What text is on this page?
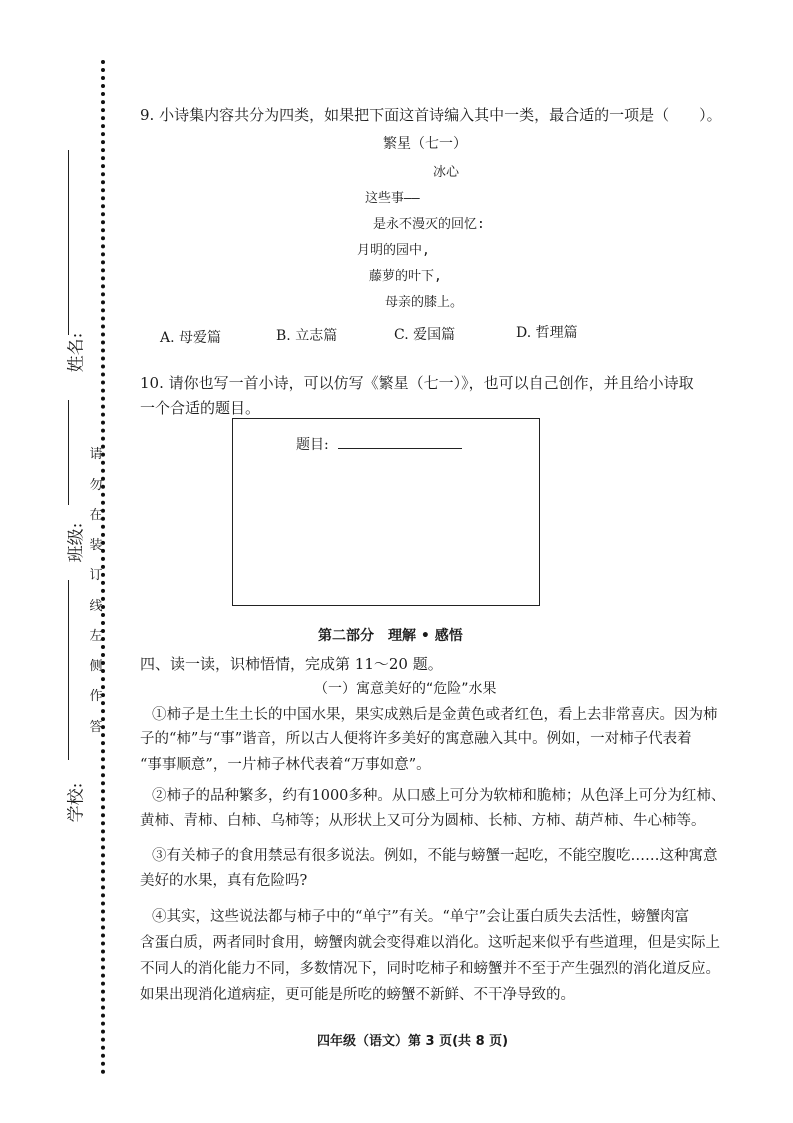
姓名:
班级:
学校:
请
勿
在
装
订
线
左
侧
作
答
9. 小诗集内容共分为四类，如果把下面这首诗编入其中一类，最合适的一项是（　　）。
繁星（七一）
冰心
这些事——
是永不漫灭的回忆:
月明的园中,
藤萝的叶下,
母亲的膝上。
A. 母爱篇	B. 立志篇	C. 爱国篇	D. 哲理篇
10. 请你也写一首小诗，可以仿写《繁星（七一）》，也可以自己创作，并且给小诗取
一个合适的题目。
题目:
第二部分　理解 • 感悟
四、读一读，识柿悟情，完成第 11～20 题。
（一）寓意美好的“危险”水果
①柿子是土生土长的中国水果，果实成熟后是金黄色或者红色，看上去非常喜庆。因为柿
子的“柿”与“事”谐音，所以古人便将许多美好的寓意融入其中。例如，一对柿子代表着
“事事顺意”，一片柿子林代表着“万事如意”。
②柿子的品种繁多，约有1000多种。从口感上可分为软柿和脆柿；从色泽上可分为红柿、
黄柿、青柿、白柿、乌柿等；从形状上又可分为圆柿、长柿、方柿、葫芦柿、牛心柿等。
③有关柿子的食用禁忌有很多说法。例如，不能与螃蟹一起吃，不能空腹吃……这种寓意
美好的水果，真有危险吗?
④其实，这些说法都与柿子中的“单宁”有关。“单宁”会让蛋白质失去活性，螃蟹肉富
含蛋白质，两者同时食用，螃蟹肉就会变得难以消化。这听起来似乎有些道理，但是实际上
不同人的消化能力不同，多数情况下，同时吃柿子和螃蟹并不至于产生强烈的消化道反应。
如果出现消化道病症，更可能是所吃的螃蟹不新鲜、不干净导致的。
四年级（语文）第 3 页(共 8 页)
